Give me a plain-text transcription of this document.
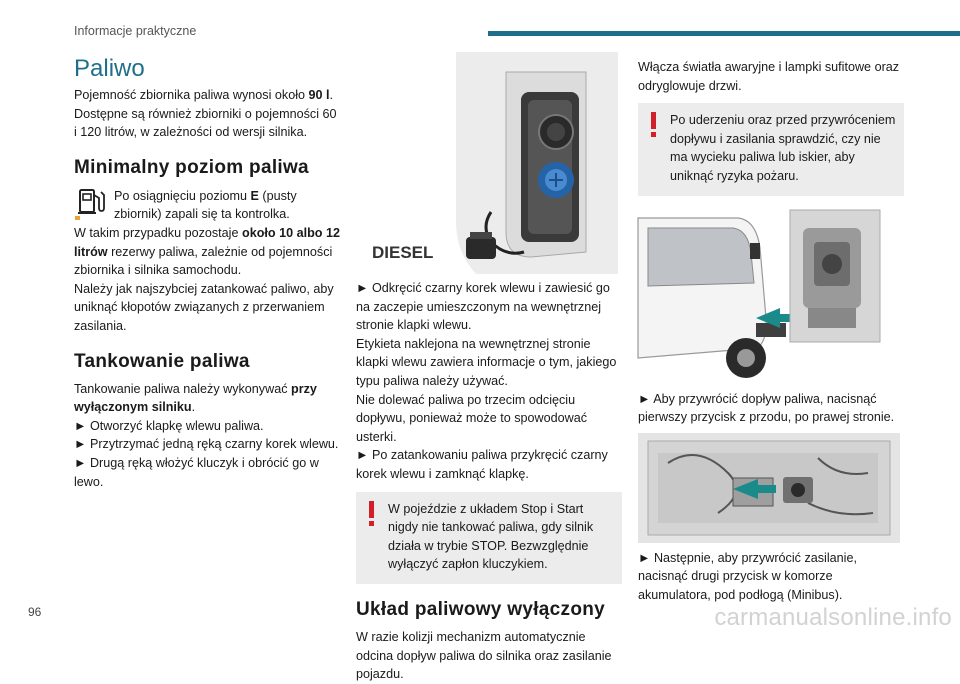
Informacje praktyczne
Paliwo

Pojemność zbiornika paliwa wynosi około 90 l. Dostępne są również zbiorniki o pojemności 60 i 120 litrów, w zależności od wersji silnika.

Minimalny poziom paliwa

Po osiągnięciu poziomu E (pusty zbiornik) zapali się ta kontrolka.

W takim przypadku pozostaje około 10 albo 12 litrów rezerwy paliwa, zależnie od pojemności zbiornika i silnika samochodu.

Należy jak najszybciej zatankować paliwo, aby uniknąć kłopotów związanych z przerwaniem zasilania.

Tankowanie paliwa

Tankowanie paliwa należy wykonywać przy wyłączonym silniku.

► Otworzyć klapkę wlewu paliwa.

► Przytrzymać jedną ręką czarny korek wlewu.

► Drugą ręką włożyć kluczyk i obrócić go w lewo.

DIESEL

► Odkręcić czarny korek wlewu i zawiesić go na zaczepie umieszczonym na wewnętrznej stronie klapki wlewu.

Etykieta naklejona na wewnętrznej stronie klapki wlewu zawiera informacje o tym, jakiego typu paliwa należy używać.

Nie dolewać paliwa po trzecim odcięciu dopływu, ponieważ może to spowodować usterki.

► Po zatankowaniu paliwa przykręcić czarny korek wlewu i zamknąć klapkę.

W pojeździe z układem Stop i Start nigdy nie tankować paliwa, gdy silnik działa w trybie STOP. Bezwzględnie wyłączyć zapłon kluczykiem.

Układ paliwowy wyłączony

W razie kolizji mechanizm automatycznie odcina dopływ paliwa do silnika oraz zasilanie pojazdu.

Włącza światła awaryjne i lampki sufitowe oraz odryglowuje drzwi.

Po uderzeniu oraz przed przywróceniem dopływu i zasilania sprawdzić, czy nie ma wycieku paliwa lub iskier, aby uniknąć ryzyka pożaru.

► Aby przywrócić dopływ paliwa, nacisnąć pierwszy przycisk z przodu, po prawej stronie.

► Następnie, aby przywrócić zasilanie, nacisnąć drugi przycisk w komorze akumulatora, pod podłogą (Minibus).

96	carmanualsonline.info
